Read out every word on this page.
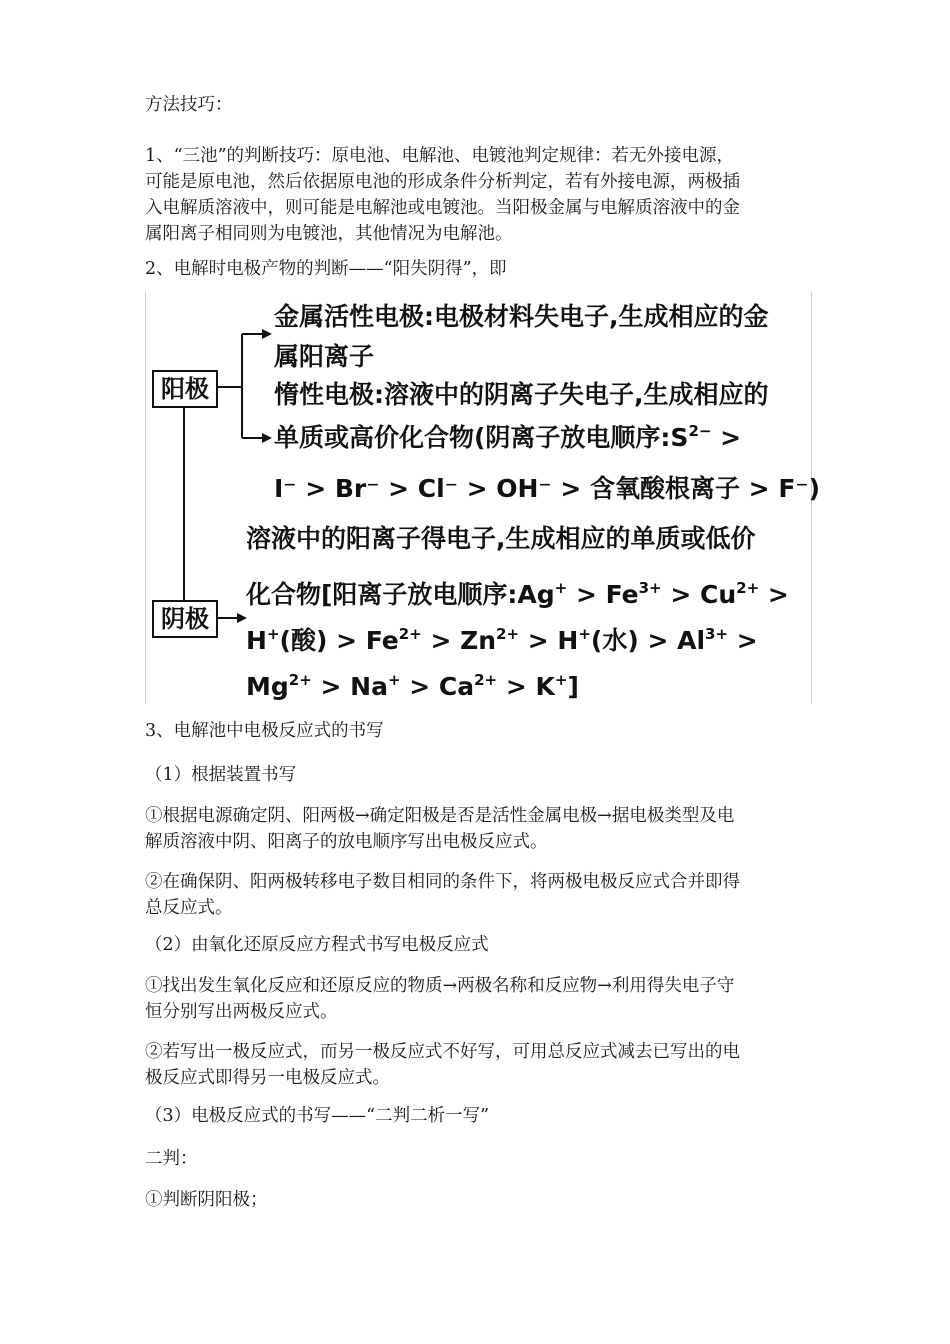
方法技巧：

1、“三池”的判断技巧：原电池、电解池、电镀池判定规律：若无外接电源，
可能是原电池，然后依据原电池的形成条件分析判定，若有外接电源，两极插
入电解质溶液中，则可能是电解池或电镀池。当阳极金属与电解质溶液中的金
属阳离子相同则为电镀池，其他情况为电解池。

2、电解时电极产物的判断——“阳失阴得”，即

阳极
阴极
金属活性电极:电极材料失电子,生成相应的金
属阳离子
惰性电极:溶液中的阴离子失电子,生成相应的
单质或高价化合物(阴离子放电顺序$:S^{2-}$ >
I⁻ > Br⁻ > Cl⁻ > OH⁻ > 含氧酸根离子 > F⁻)
溶液中的阳离子得电子,生成相应的单质或低价
化合物[阳离子放电顺序:Ag+ > $Fe^{3+} > Cu^{2+}$ >
H+(酸) > $Fe^{2+} > Zn^{2+} > H^+$(水) > $Al^{3+}$ >
$Mg^{2+} > Na^+ > Ca^{2+} > K^+$]

3、电解池中电极反应式的书写

（1）根据装置书写

①根据电源确定阴、阳两极→确定阳极是否是活性金属电极→据电极类型及电
解质溶液中阴、阳离子的放电顺序写出电极反应式。

②在确保阴、阳两极转移电子数目相同的条件下，将两极电极反应式合并即得
总反应式。

（2）由氧化还原反应方程式书写电极反应式

①找出发生氧化反应和还原反应的物质→两极名称和反应物→利用得失电子守
恒分别写出两极反应式。

②若写出一极反应式，而另一极反应式不好写，可用总反应式减去已写出的电
极反应式即得另一电极反应式。

（3）电极反应式的书写——“二判二析一写”

二判：

①判断阴阳极；
